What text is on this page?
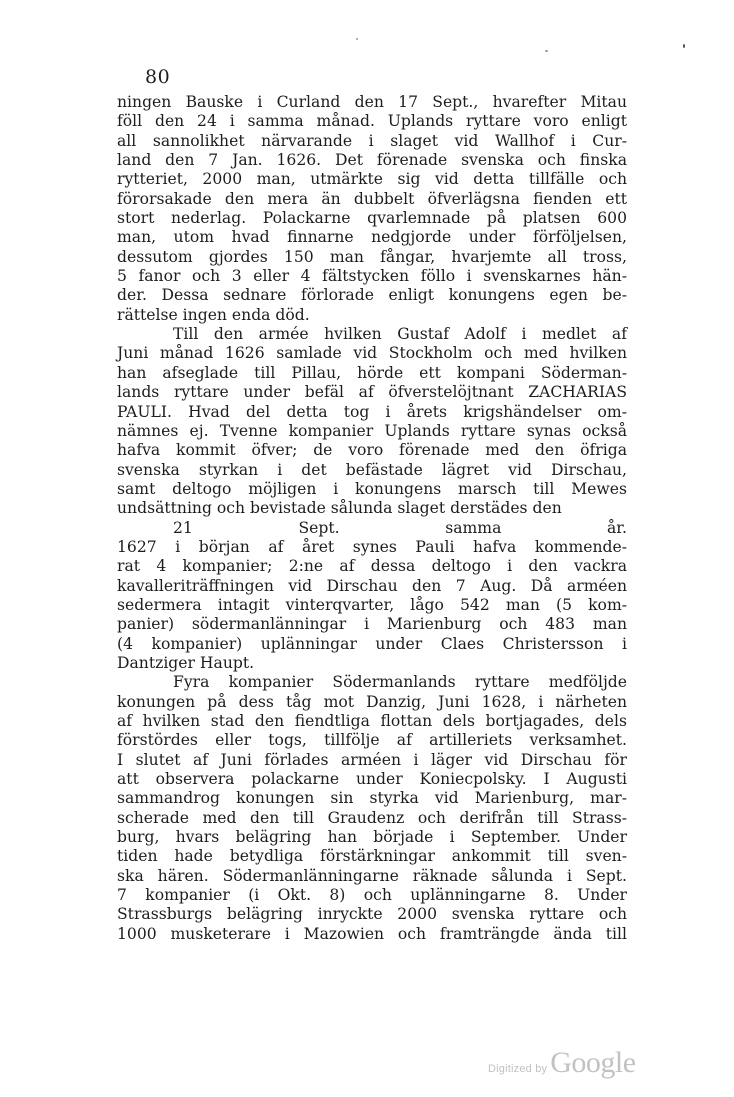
80
ningen Bauske i Curland den 17 Sept., hvarefter Mitau
föll den 24 i samma månad. Uplands ryttare voro enligt
all sannolikhet närvarande i slaget vid Wallhof i Cur-
land den 7 Jan. 1626. Det förenade svenska och finska
rytteriet, 2000 man, utmärkte sig vid detta tillfälle och
förorsakade den mera än dubbelt öfverlägsna fienden ett
stort nederlag. Polackarne qvarlemnade på platsen 600
man, utom hvad finnarne nedgjorde under förföljelsen,
dessutom gjordes 150 man fångar, hvarjemte all tross,
5 fanor och 3 eller 4 fältstycken föllo i svenskarnes hän-
der. Dessa sednare förlorade enligt konungens egen be-
rättelse ingen enda död.
Till den armée hvilken Gustaf Adolf i medlet af
Juni månad 1626 samlade vid Stockholm och med hvilken
han afseglade till Pillau, hörde ett kompani Söderman-
lands ryttare under befäl af öfverstelöjtnant ZACHARIAS
PAULI. Hvad del detta tog i årets krigshändelser om-
nämnes ej. Tvenne kompanier Uplands ryttare synas också
hafva kommit öfver; de voro förenade med den öfriga
svenska styrkan i det befästade lägret vid Dirschau,
samt deltogo möjligen i konungens marsch till Mewes
undsättning och bevistade sålunda slaget derstädes den
21 Sept. samma år.
1627 i början af året synes Pauli hafva kommende-
rat 4 kompanier; 2:ne af dessa deltogo i den vackra
kavalleriträffningen vid Dirschau den 7 Aug. Då arméen
sedermera intagit vinterqvarter, lågo 542 man (5 kom-
panier) södermanlänningar i Marienburg och 483 man
(4 kompanier) uplänningar under Claes Christersson i
Dantziger Haupt.
Fyra kompanier Södermanlands ryttare medföljde
konungen på dess tåg mot Danzig, Juni 1628, i närheten
af hvilken stad den fiendtliga flottan dels bortjagades, dels
förstördes eller togs, tillfölje af artilleriets verksamhet.
I slutet af Juni förlades arméen i läger vid Dirschau för
att observera polackarne under Koniecpolsky. I Augusti
sammandrog konungen sin styrka vid Marienburg, mar-
scherade med den till Graudenz och derifrån till Strass-
burg, hvars belägring han började i September. Under
tiden hade betydliga förstärkningar ankommit till sven-
ska hären. Södermanlänningarne räknade sålunda i Sept.
7 kompanier (i Okt. 8) och uplänningarne 8. Under
Strassburgs belägring inryckte 2000 svenska ryttare och
1000 musketerare i Mazowien och framträngde ända till
Digitized by Google
